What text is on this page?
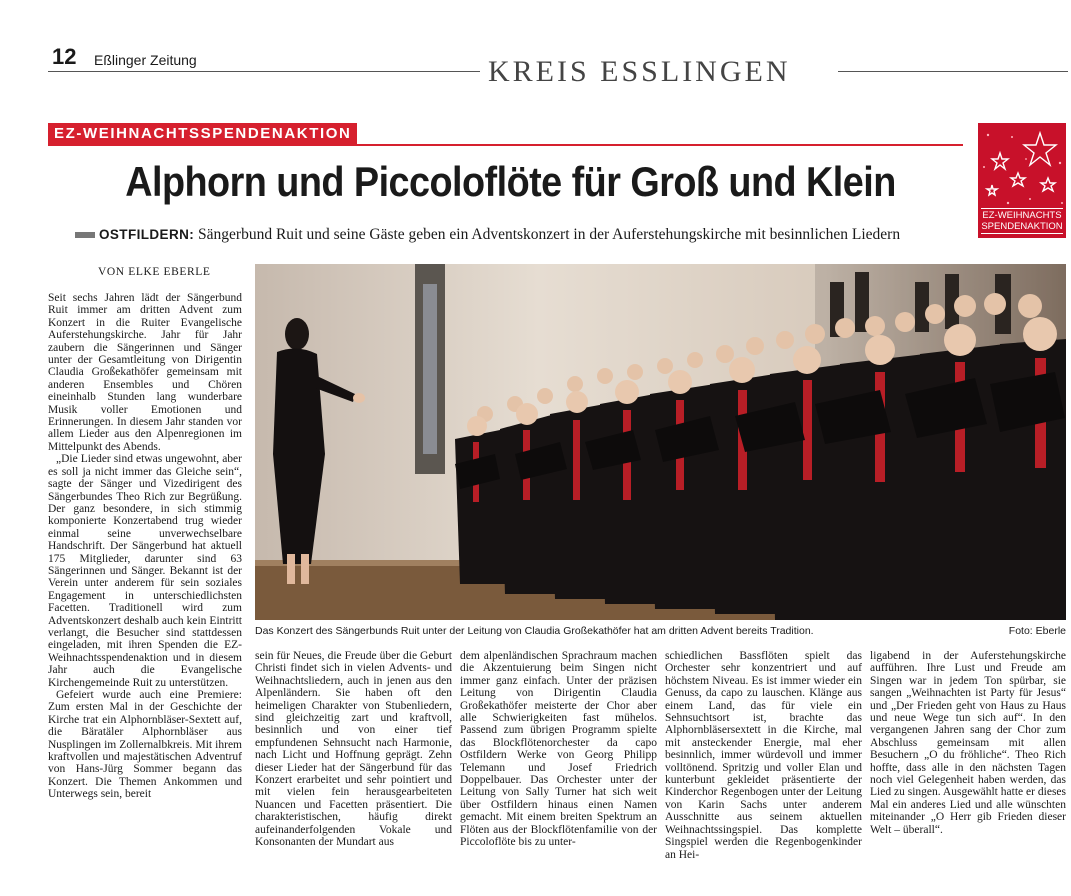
12 Eßlinger Zeitung	KREIS ESSLINGEN
EZ-WEIHNACHTSSPENDENAKTION
EZ-WEIHNACHTS
SPENDENAKTION
Alphorn und Piccoloflöte für Groß und Klein
OSTFILDERN: Sängerbund Ruit und seine Gäste geben ein Adventskonzert in der Auferstehungskirche mit besinnlichen Liedern
VON ELKE EBERLE

Seit sechs Jahren lädt der Sängerbund Ruit immer am dritten Advent zum Konzert in die Ruiter Evangelische Auferstehungskirche. Jahr für Jahr zaubern die Sängerinnen und Sänger unter der Gesamtleitung von Dirigentin Claudia Großekathöfer gemeinsam mit anderen Ensembles und Chören eineinhalb Stunden lang wunderbare Musik voller Emotionen und Erinnerungen. In diesem Jahr standen vor allem Lieder aus den Alpenregionen im Mittelpunkt des Abends.

„Die Lieder sind etwas ungewohnt, aber es soll ja nicht immer das Gleiche sein“, sagte der Sänger und Vizedirigent des Sängerbundes Theo Rich zur Begrüßung. Der ganz besondere, in sich stimmig komponierte Konzertabend trug wieder einmal seine unverwechselbare Handschrift. Der Sängerbund hat aktuell 175 Mitglieder, darunter sind 63 Sängerinnen und Sänger. Bekannt ist der Verein unter anderem für sein soziales Engagement in unterschiedlichsten Facetten. Traditionell wird zum Adventskonzert deshalb auch kein Eintritt verlangt, die Besucher sind stattdessen eingeladen, mit ihren Spenden die EZ-Weihnachtsspendenaktion und in diesem Jahr auch die Evangelische Kirchengemeinde Ruit zu unterstützen.

Gefeiert wurde auch eine Premiere: Zum ersten Mal in der Geschichte der Kirche trat ein Alphornbläser-Sextett auf, die Bäratäler Alphornbläser aus Nusplingen im Zollernalbkreis. Mit ihrem kraftvollen und majestätischen Adventruf von Hans-Jürg Sommer begann das Konzert. Die Themen Ankommen und Unterwegs sein, bereit

Das Konzert des Sängerbunds Ruit unter der Leitung von Claudia Großekathöfer hat am dritten Advent bereits Tradition.	Foto: Eberle

sein für Neues, die Freude über die Geburt Christi findet sich in vielen Advents- und Weihnachtsliedern, auch in jenen aus den Alpenländern. Sie haben oft den heimeligen Charakter von Stubenliedern, sind gleichzeitig zart und kraftvoll, besinnlich und von einer tief empfundenen Sehnsucht nach Harmonie, nach Licht und Hoffnung geprägt. Zehn dieser Lieder hat der Sängerbund für das Konzert erarbeitet und sehr pointiert und mit vielen fein herausgearbeiteten Nuancen und Facetten präsentiert. Die charakteristischen, häufig direkt aufeinanderfolgenden Vokale und Konsonanten der Mundart aus

dem alpenländischen Sprachraum machen die Akzentuierung beim Singen nicht immer ganz einfach. Unter der präzisen Leitung von Dirigentin Claudia Großekathöfer meisterte der Chor aber alle Schwierigkeiten fast mühelos. Passend zum übrigen Programm spielte das Blockflötenorchester da capo Ostfildern Werke von Georg Philipp Telemann und Josef Friedrich Doppelbauer. Das Orchester unter der Leitung von Sally Turner hat sich weit über Ostfildern hinaus einen Namen gemacht. Mit einem breiten Spektrum an Flöten aus der Blockflötenfamilie von der Piccoloflöte bis zu unter-

schiedlichen Bassflöten spielt das Orchester sehr konzentriert und auf höchstem Niveau. Es ist immer wieder ein Genuss, da capo zu lauschen. Klänge aus einem Land, das für viele ein Sehnsuchtsort ist, brachte das Alphornbläsersextett in die Kirche, mal mit ansteckender Energie, mal eher besinnlich, immer würdevoll und immer volltönend. Spritzig und voller Elan und kunterbunt gekleidet präsentierte der Kinderchor Regenbogen unter der Leitung von Karin Sachs unter anderem Ausschnitte aus seinem aktuellen Weihnachtssingspiel. Das komplette Singspiel werden die Regenbogenkinder an Hei-

ligabend in der Auferstehungskirche aufführen. Ihre Lust und Freude am Singen war in jedem Ton spürbar, sie sangen „Weihnachten ist Party für Jesus“ und „Der Frieden geht von Haus zu Haus und neue Wege tun sich auf“. In den vergangenen Jahren sang der Chor zum Abschluss gemeinsam mit allen Besuchern „O du fröhliche“. Theo Rich hoffte, dass alle in den nächsten Tagen noch viel Gelegenheit haben werden, das Lied zu singen. Ausgewählt hatte er dieses Mal ein anderes Lied und alle wünschten miteinander „O Herr gib Frieden dieser Welt – überall“.
